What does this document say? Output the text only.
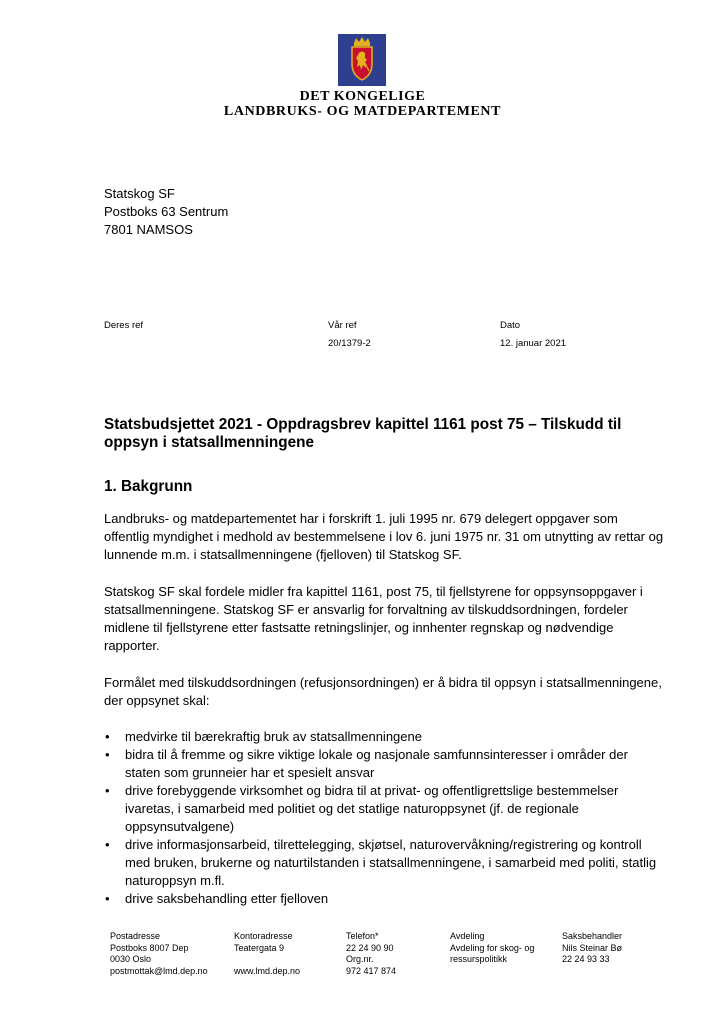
DET KONGELIGE
LANDBRUKS- OG MATDEPARTEMENT
Statskog SF
Postboks 63 Sentrum
7801 NAMSOS
Deres ref	Vår ref
20/1379-2
Dato
12. januar 2021
Statsbudsjettet 2021 - Oppdragsbrev kapittel 1161 post 75 – Tilskudd til oppsyn i statsallmenningene
1. Bakgrunn
Landbruks- og matdepartementet har i forskrift 1. juli 1995 nr. 679 delegert oppgaver som offentlig myndighet i medhold av bestemmelsene i lov 6. juni 1975 nr. 31 om utnytting av rettar og lunnende m.m. i statsallmenningene (fjelloven) til Statskog SF.
Statskog SF skal fordele midler fra kapittel 1161, post 75, til fjellstyrene for oppsynsoppgaver i statsallmenningene. Statskog SF er ansvarlig for forvaltning av tilskuddsordningen, fordeler midlene til fjellstyrene etter fastsatte retningslinjer, og innhenter regnskap og nødvendige rapporter.
Formålet med tilskuddsordningen (refusjonsordningen) er å bidra til oppsyn i statsallmenningene, der oppsynet skal:
• medvirke til bærekraftig bruk av statsallmenningene
• bidra til å fremme og sikre viktige lokale og nasjonale samfunnsinteresser i områder der staten som grunneier har et spesielt ansvar
• drive forebyggende virksomhet og bidra til at privat- og offentligrettslige bestemmelser ivaretas, i samarbeid med politiet og det statlige naturoppsynet (jf. de regionale oppsynsutvalgene)
• drive informasjonsarbeid, tilrettelegging, skjøtsel, naturovervåkning/registrering og kontroll med bruken, brukerne og naturtilstanden i statsallmenningene, i samarbeid med politi, statlig naturoppsyn m.fl.
• drive saksbehandling etter fjelloven
Postadresse
Postboks 8007 Dep
0030 Oslo
postmottak@lmd.dep.no
Kontoradresse
Teatergata 9

www.lmd.dep.no
Telefon*
22 24 90 90
Org.nr.
972 417 874
Avdeling
Avdeling for skog- og
ressurspolitikk
Saksbehandler
Nils Steinar Bø
22 24 93 33
